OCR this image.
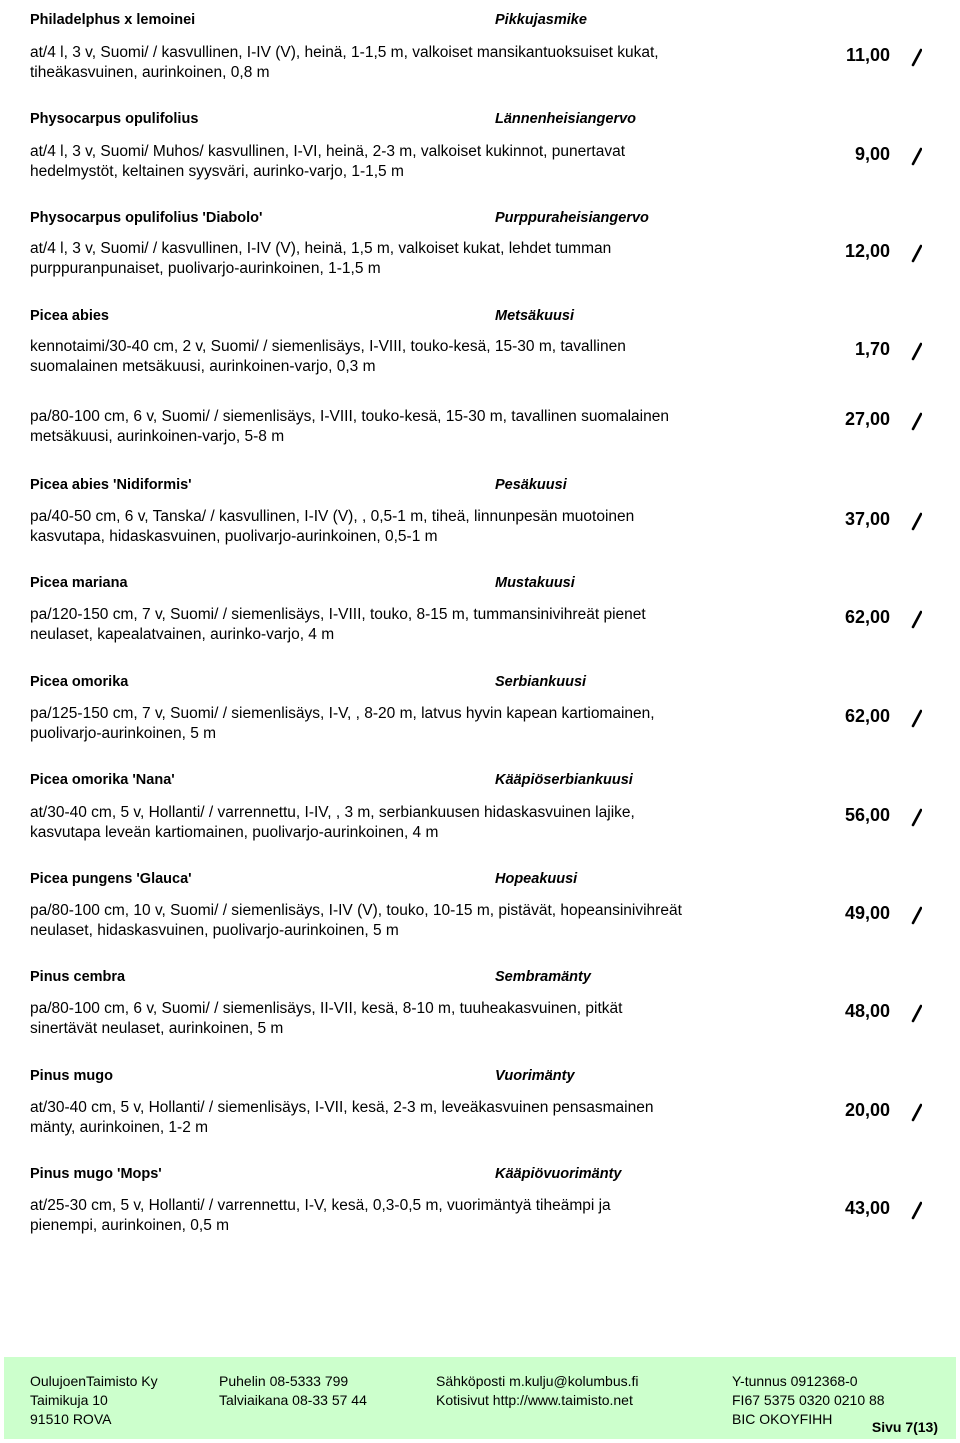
Philadelphus x lemoinei	Pikkujasmike
at/4 l, 3 v, Suomi/ / kasvullinen, I-IV (V), heinä, 1-1,5 m, valkoiset mansikantuoksuiset kukat,
tiheäkasvuinen, aurinkoinen, 0,8 m
11,00
Physocarpus opulifolius	Lännenheisiangervo
at/4 l, 3 v, Suomi/ Muhos/ kasvullinen, I-VI, heinä, 2-3 m, valkoiset kukinnot, punertavat
hedelmystöt, keltainen syysväri, aurinko-varjo, 1-1,5 m
9,00
Physocarpus opulifolius 'Diabolo'	Purppuraheisiangervo
at/4 l, 3 v, Suomi/ / kasvullinen, I-IV (V), heinä, 1,5 m, valkoiset kukat, lehdet tumman
purppuranpunaiset, puolivarjo-aurinkoinen, 1-1,5 m
12,00
Picea abies	Metsäkuusi
kennotaimi/30-40 cm, 2 v, Suomi/ / siemenlisäys, I-VIII, touko-kesä, 15-30 m, tavallinen
suomalainen metsäkuusi, aurinkoinen-varjo, 0,3 m
1,70
pa/80-100 cm, 6 v, Suomi/ / siemenlisäys, I-VIII, touko-kesä, 15-30 m, tavallinen suomalainen
metsäkuusi, aurinkoinen-varjo, 5-8 m
27,00
Picea abies 'Nidiformis'	Pesäkuusi
pa/40-50 cm, 6 v, Tanska/ / kasvullinen, I-IV (V), , 0,5-1 m, tiheä, linnunpesän muotoinen
kasvutapa, hidaskasvuinen, puolivarjo-aurinkoinen, 0,5-1 m
37,00
Picea mariana	Mustakuusi
pa/120-150 cm, 7 v, Suomi/ / siemenlisäys, I-VIII, touko, 8-15 m, tummansinivihreät pienet
neulaset, kapealatvainen, aurinko-varjo, 4 m
62,00
Picea omorika	Serbiankuusi
pa/125-150 cm, 7 v, Suomi/ / siemenlisäys, I-V, , 8-20 m, latvus hyvin kapean kartiomainen,
puolivarjo-aurinkoinen, 5 m
62,00
Picea omorika 'Nana'	Kääpiöserbiankuusi
at/30-40 cm, 5 v, Hollanti/ / varrennettu, I-IV, , 3 m, serbiankuusen hidaskasvuinen lajike,
kasvutapa leveän kartiomainen, puolivarjo-aurinkoinen, 4 m
56,00
Picea pungens 'Glauca'	Hopeakuusi
pa/80-100 cm, 10 v, Suomi/ / siemenlisäys, I-IV (V), touko, 10-15 m, pistävät, hopeansinivihreät
neulaset, hidaskasvuinen, puolivarjo-aurinkoinen, 5 m
49,00
Pinus cembra	Sembramänty
pa/80-100 cm, 6 v, Suomi/ / siemenlisäys, II-VII, kesä, 8-10 m, tuuheakasvuinen, pitkät
sinertävät neulaset, aurinkoinen, 5 m
48,00
Pinus mugo	Vuorimänty
at/30-40 cm, 5 v, Hollanti/ / siemenlisäys, I-VII, kesä, 2-3 m, leveäkasvuinen pensasmainen
mänty, aurinkoinen, 1-2 m
20,00
Pinus mugo 'Mops'	Kääpiövuorimänty
at/25-30 cm, 5 v, Hollanti/ / varrennettu, I-V, kesä, 0,3-0,5 m, vuorimäntyä tiheämpi ja
pienempi, aurinkoinen, 0,5 m
43,00
Sivu 7(13)
OulujoenTaimisto Ky
Taimikuja 10
91510 ROVA
Puhelin 08-5333 799
Talviaikana 08-33 57 44
Sähköposti m.kulju@kolumbus.fi
Kotisivut http://www.taimisto.net
Y-tunnus 0912368-0
FI67 5375 0320 0210 88
BIC OKOYFIHH
